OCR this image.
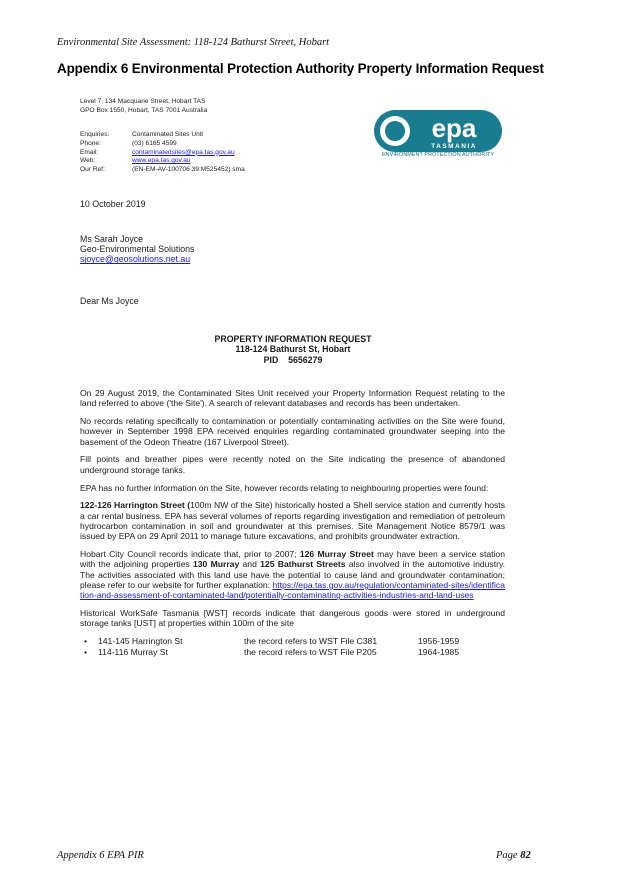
Environmental Site Assessment: 118-124 Bathurst Street, Hobart
Appendix 6 Environmental Protection Authority Property Information Request
Level 7, 134 Macquarie Street, Hobart TAS
GPO Box 1550, Hobart, TAS 7001 Australia
Enquiries:	Contaminated Sites Unit
Phone:	(03) 6165 4599
Email:	contaminatedsites@epa.tas.gov.au
Web:	www.epa.tas.gov.au
Our Ref:	(EN-EM-AV-100706 39:M525452) sma
epa
TASMANIA
ENVIRONMENT PROTECTION AUTHORITY
10 October 2019
Ms Sarah Joyce
Geo-Environmental Solutions
sjoyce@geosolutions.net.au
Dear Ms Joyce
PROPERTY INFORMATION REQUEST
118-124 Bathurst St, Hobart
PID 5656279

On 29 August 2019, the Contaminated Sites Unit received your Property Information Request relating to the land referred to above ('the Site'). A search of relevant databases and records has been undertaken.

No records relating specifically to contamination or potentially contaminating activities on the Site were found, however in September 1998 EPA received enquiries regarding contaminated groundwater seeping into the basement of the Odeon Theatre (167 Liverpool Street).

Fill points and breather pipes were recently noted on the Site indicating the presence of abandoned underground storage tanks.

EPA has no further information on the Site, however records relating to neighbouring properties were found:

122-126 Harrington Street (100m NW of the Site) historically hosted a Shell service station and currently hosts a car rental business. EPA has several volumes of reports regarding investigation and remediation of petroleum hydrocarbon contamination in soil and groundwater at this premises. Site Management Notice 8579/1 was issued by EPA on 29 April 2011 to manage future excavations, and prohibits groundwater extraction.

Hobart City Council records indicate that, prior to 2007; 126 Murray Street may have been a service station with the adjoining properties 130 Murray and 125 Bathurst Streets also involved in the automotive industry. The activities associated with this land use have the potential to cause land and groundwater contamination; please refer to our website for further explanation: https://epa.tas.gov.au/regulation/contaminated-sites/identification-and-assessment-of-contaminated-land/potentially-contaminating-activities-industries-and-land-uses

Historical WorkSafe Tasmania [WST] records indicate that dangerous goods were stored in underground storage tanks [UST] at properties within 100m of the site

•	141-145 Harrington St	the record refers to WST File C381	1956-1959
•	114-116 Murray St	the record refers to WST File P205	1964-1985
Appendix 6 EPA PIR	Page 82
